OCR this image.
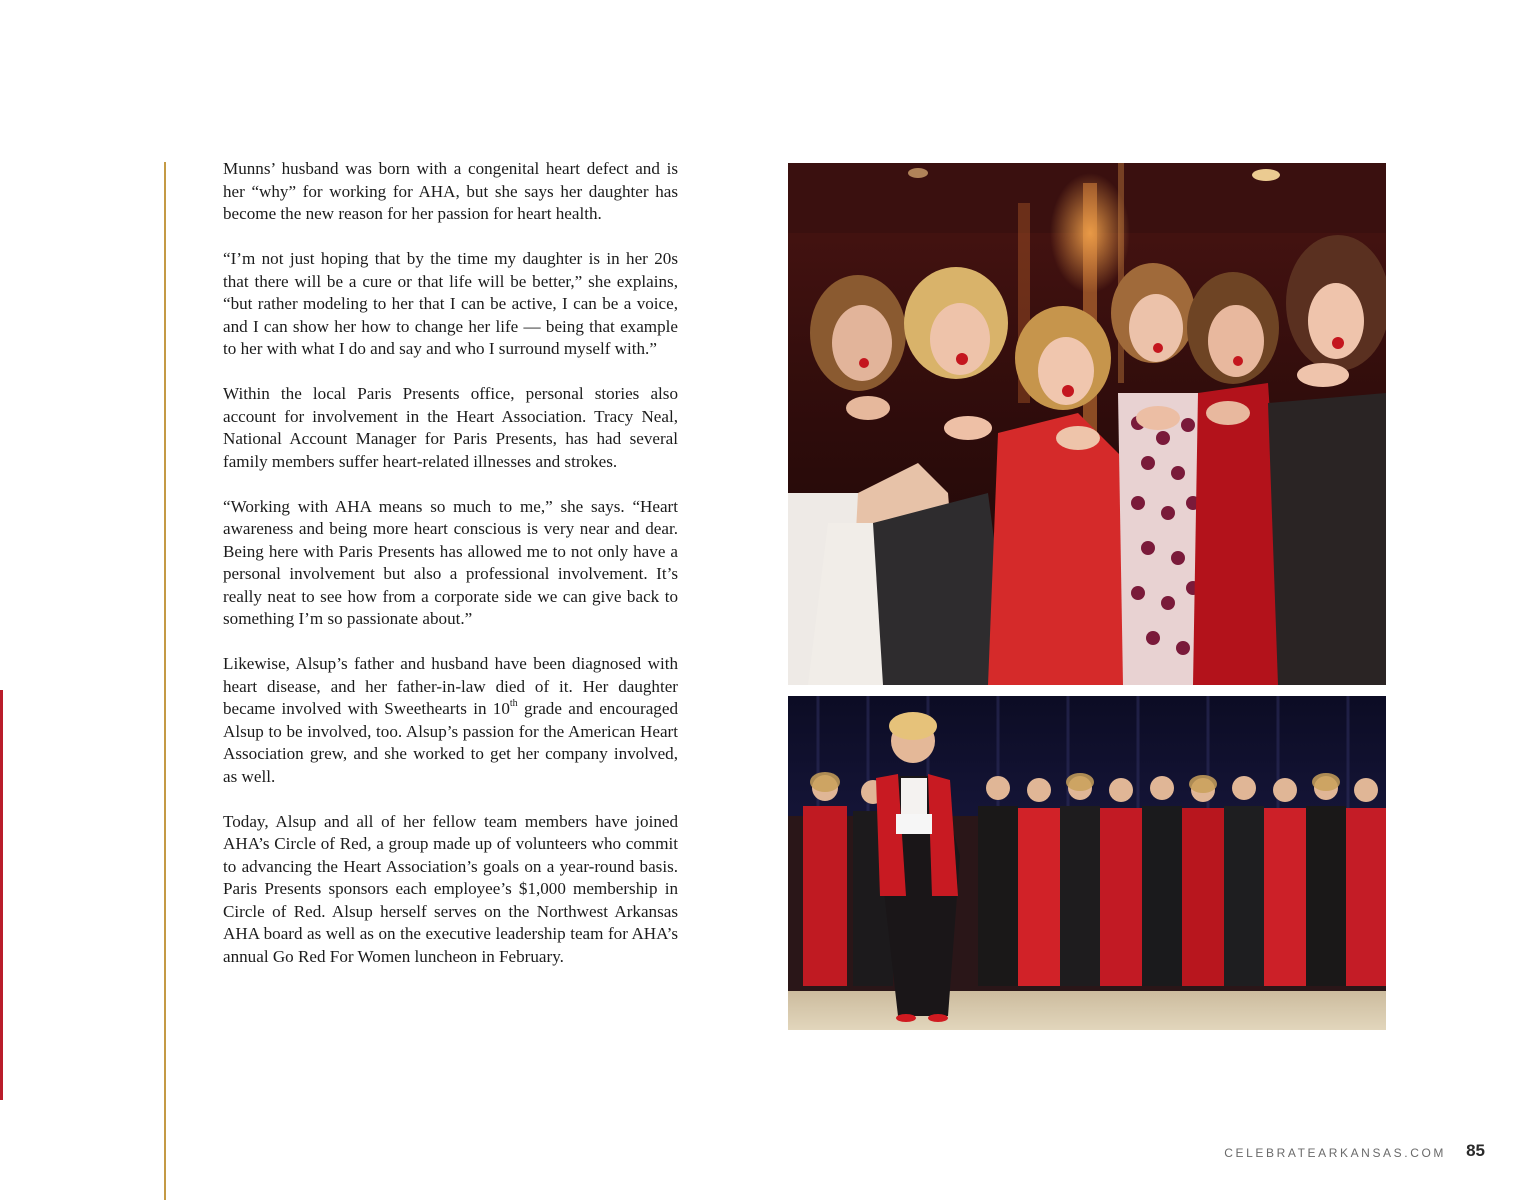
Munns’ husband was born with a congenital heart defect and is her “why” for working for AHA, but she says her daughter has become the new reason for her passion for heart health.

“I’m not just hoping that by the time my daughter is in her 20s that there will be a cure or that life will be better,” she explains, “but rather modeling to her that I can be active, I can be a voice, and I can show her how to change her life — being that example to her with what I do and say and who I surround myself with.”

Within the local Paris Presents office, personal stories also account for involvement in the Heart Association. Tracy Neal, National Account Manager for Paris Presents, has had several family members suffer heart-related illnesses and strokes.

“Working with AHA means so much to me,” she says. “Heart awareness and being more heart conscious is very near and dear. Being here with Paris Presents has allowed me to not only have a personal involvement but also a professional involvement. It’s really neat to see how from a corporate side we can give back to something I’m so passionate about.”

Likewise, Alsup’s father and husband have been diagnosed with heart disease, and her father-in-law died of it. Her daughter became involved with Sweethearts in 10th grade and encouraged Alsup to be involved, too. Alsup’s passion for the American Heart Association grew, and she worked to get her company involved, as well.

Today, Alsup and all of her fellow team members have joined AHA’s Circle of Red, a group made up of volunteers who commit to advancing the Heart Association’s goals on a year-round basis. Paris Presents sponsors each employee’s $1,000 membership in Circle of Red. Alsup herself serves on the Northwest Arkansas AHA board as well as on the executive leadership team for AHA’s annual Go Red For Women luncheon in February.

CELEBRATEARKANSAS.COM 85
